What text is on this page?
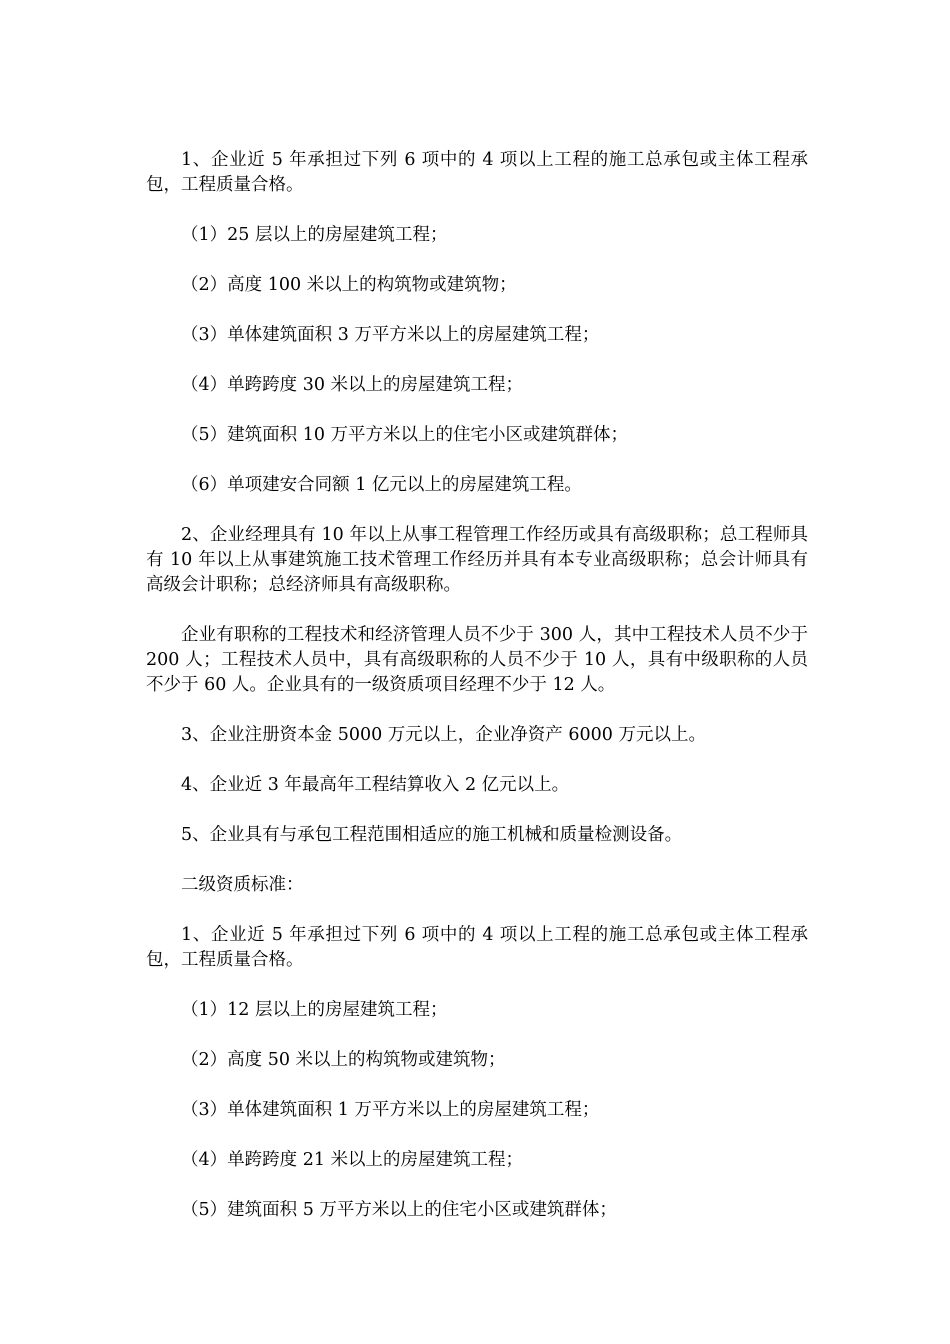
1、企业近 5 年承担过下列 6 项中的 4 项以上工程的施工总承包或主体工程承包，工程质量合格。

（1）25 层以上的房屋建筑工程；

（2）高度 100 米以上的构筑物或建筑物；

（3）单体建筑面积 3 万平方米以上的房屋建筑工程；

（4）单跨跨度 30 米以上的房屋建筑工程；

（5）建筑面积 10 万平方米以上的住宅小区或建筑群体；

（6）单项建安合同额 1 亿元以上的房屋建筑工程。

2、企业经理具有 10 年以上从事工程管理工作经历或具有高级职称；总工程师具有 10 年以上从事建筑施工技术管理工作经历并具有本专业高级职称；总会计师具有高级会计职称；总经济师具有高级职称。

企业有职称的工程技术和经济管理人员不少于 300 人，其中工程技术人员不少于 200 人；工程技术人员中，具有高级职称的人员不少于 10 人，具有中级职称的人员不少于 60 人。企业具有的一级资质项目经理不少于 12 人。

3、企业注册资本金 5000 万元以上，企业净资产 6000 万元以上。

4、企业近 3 年最高年工程结算收入 2 亿元以上。

5、企业具有与承包工程范围相适应的施工机械和质量检测设备。

二级资质标准：

1、企业近 5 年承担过下列 6 项中的 4 项以上工程的施工总承包或主体工程承包，工程质量合格。

（1）12 层以上的房屋建筑工程；

（2）高度 50 米以上的构筑物或建筑物；

（3）单体建筑面积 1 万平方米以上的房屋建筑工程；

（4）单跨跨度 21 米以上的房屋建筑工程；

（5）建筑面积 5 万平方米以上的住宅小区或建筑群体；
